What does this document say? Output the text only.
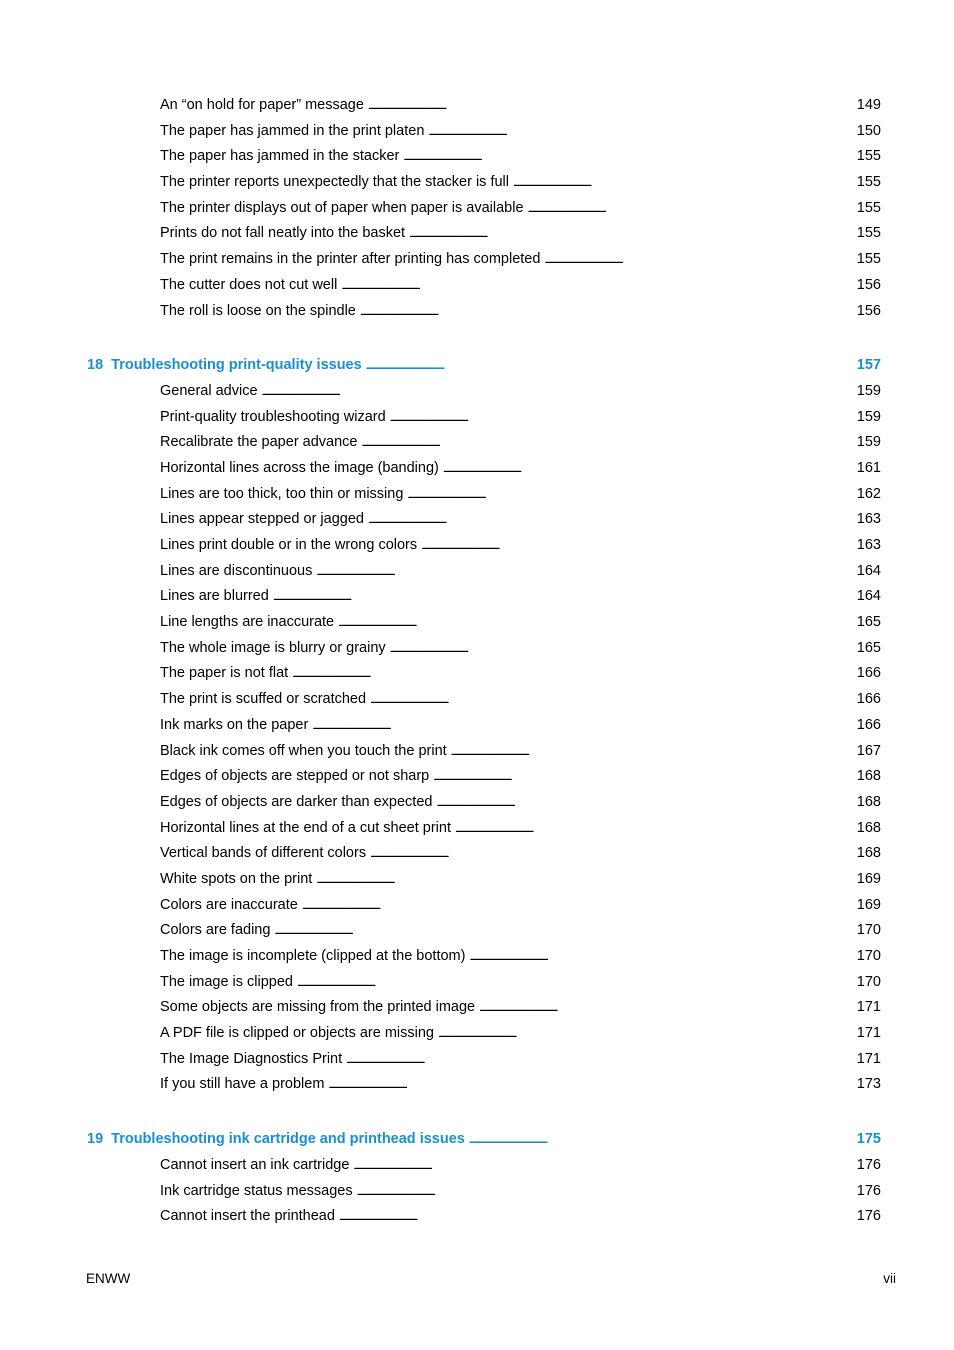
An “on hold for paper” message . . .	149
The paper has jammed in the print platen . . .	150
The paper has jammed in the stacker . . .	155
The printer reports unexpectedly that the stacker is full . . .	155
The printer displays out of paper when paper is available . . .	155
Prints do not fall neatly into the basket . . .	155
The print remains in the printer after printing has completed . . .	155
The cutter does not cut well . . .	156
The roll is loose on the spindle . . .	156
18 Troubleshooting print-quality issues . . .	157
General advice . . .	159
Print-quality troubleshooting wizard . . .	159
Recalibrate the paper advance . . .	159
Horizontal lines across the image (banding) . . .	161
Lines are too thick, too thin or missing . . .	162
Lines appear stepped or jagged . . .	163
Lines print double or in the wrong colors . . .	163
Lines are discontinuous . . .	164
Lines are blurred . . .	164
Line lengths are inaccurate . . .	165
The whole image is blurry or grainy . . .	165
The paper is not flat . . .	166
The print is scuffed or scratched . . .	166
Ink marks on the paper . . .	166
Black ink comes off when you touch the print . . .	167
Edges of objects are stepped or not sharp . . .	168
Edges of objects are darker than expected . . .	168
Horizontal lines at the end of a cut sheet print . . .	168
Vertical bands of different colors . . .	168
White spots on the print . . .	169
Colors are inaccurate . . .	169
Colors are fading . . .	170
The image is incomplete (clipped at the bottom) . . .	170
The image is clipped . . .	170
Some objects are missing from the printed image . . .	171
A PDF file is clipped or objects are missing . . .	171
The Image Diagnostics Print . . .	171
If you still have a problem . . .	173
19 Troubleshooting ink cartridge and printhead issues . . .	175
Cannot insert an ink cartridge . . .	176
Ink cartridge status messages . . .	176
Cannot insert the printhead . . .	176
ENWW	vii
